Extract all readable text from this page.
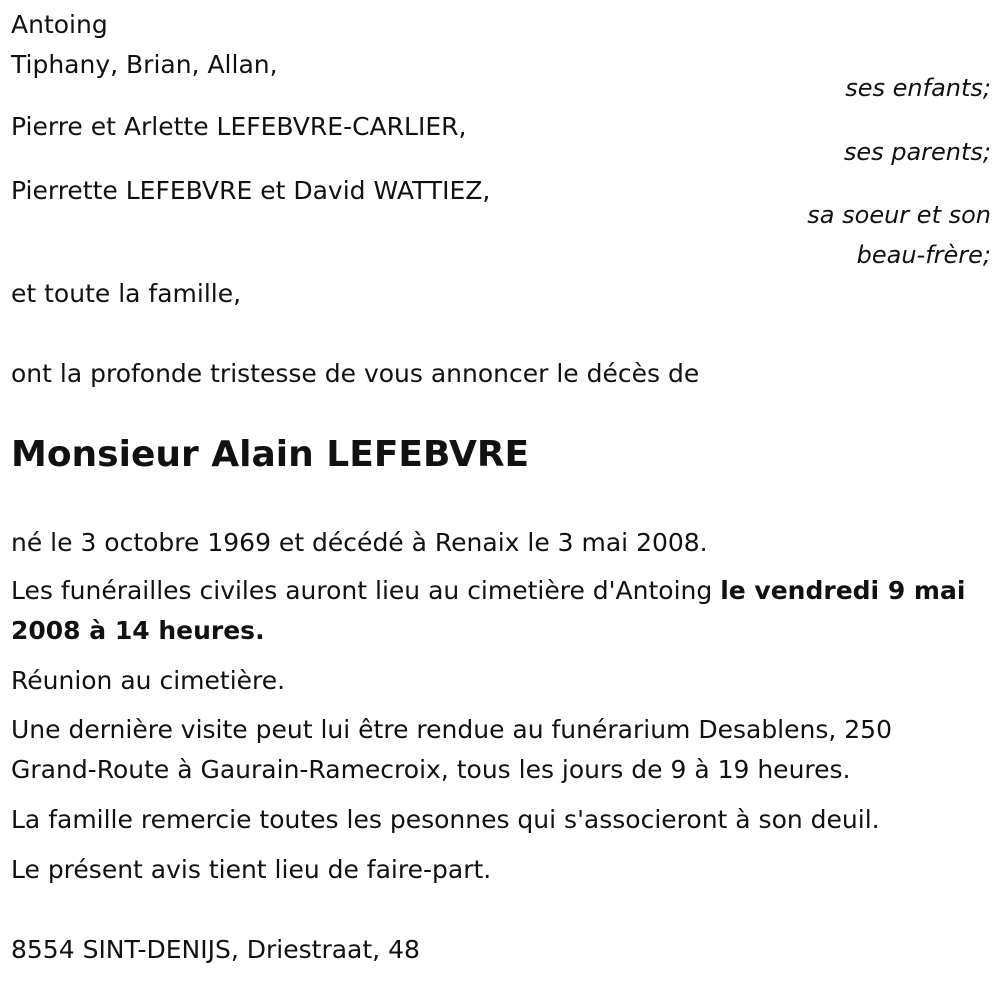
Antoing
Tiphany, Brian, Allan,
ses enfants;
Pierre et Arlette LEFEBVRE-CARLIER,
ses parents;
Pierrette LEFEBVRE et David WATTIEZ,
sa soeur et son
beau-frère;
et toute la famille,
ont la profonde tristesse de vous annoncer le décès de
Monsieur Alain LEFEBVRE
né le 3 octobre 1969 et décédé à Renaix le 3 mai 2008.
Les funérailles civiles auront lieu au cimetière d'Antoing le vendredi 9 mai 2008 à 14 heures.
Réunion au cimetière.
Une dernière visite peut lui être rendue au funérarium Desablens, 250 Grand-Route à Gaurain-Ramecroix, tous les jours de 9 à 19 heures.
La famille remercie toutes les pesonnes qui s'associeront à son deuil.
Le présent avis tient lieu de faire-part.
8554 SINT-DENIJS, Driestraat, 48
